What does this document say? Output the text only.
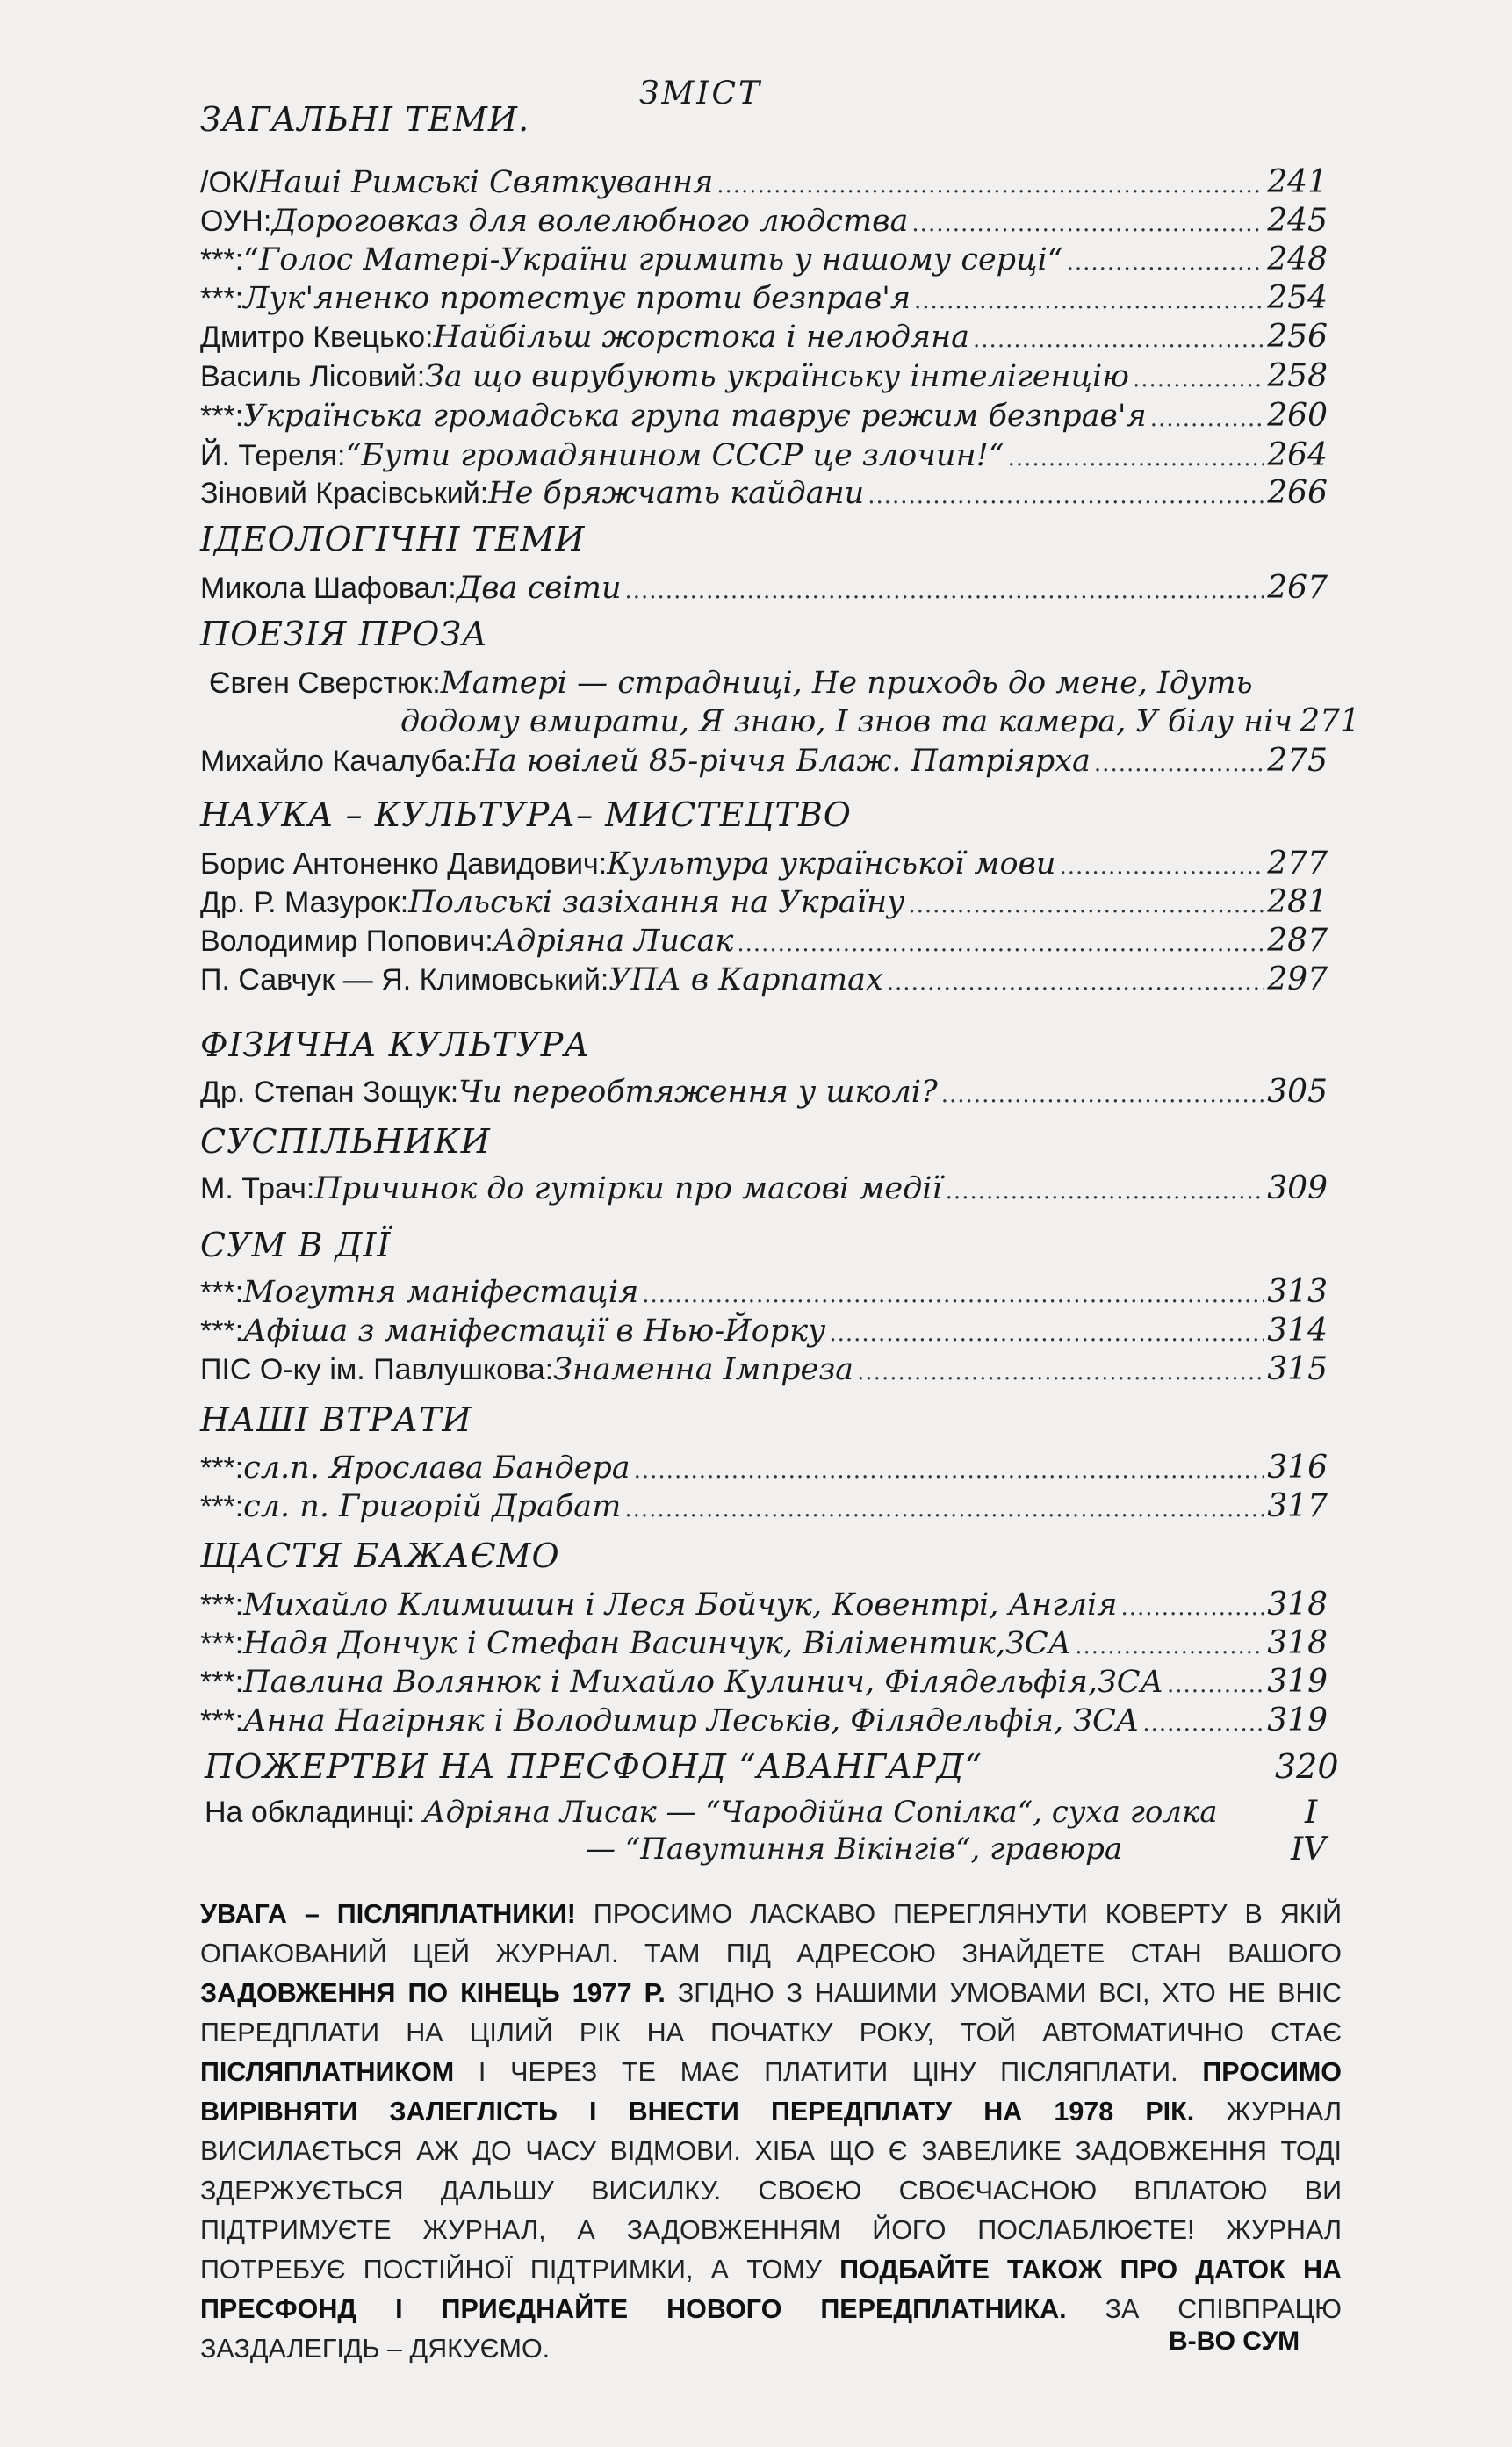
ЗМІСТ
ЗАГАЛЬНІ ТЕМИ.
/ОК/ Наші Римські Святкування .....	241
ОУН: Дороговказ для волелюбного людства .....	245
***: “Голос Матері-України гримить у нашому серці“ .....	248
***: Лук'яненко протестує проти безправ'я .....	254
Дмитро Квецько: Найбільш жорстока і нелюдяна .....	256
Василь Лісовий: За що вирубують українську інтелігенцію .....	258
***: Українська громадська група таврує режим безправ'я .....	260
Й. Тереля: “Бути громадянином СССР це злочин!“ .....	264
Зіновий Красівський: Не бряжчать кайдани .....	266
Микола Шафовал: Два світи .....	267
Євген Сверстюк: Матері — страдниці, Не приходь до мене, Ідуть
додому вмирати, Я знаю, І знов та камера, У білу ніч 271
Михайло Качалуба: На ювілей 85-річчя Блаж. Патріярха .....	275
Борис Антоненко Давидович: Культура української мови .....	277
Др. Р. Мазурок: Польські зазіхання на Україну .....	281
Володимир Попович: Адріяна Лисак .....	287
П. Савчук — Я. Климовський: УПА в Карпатах .....	297
Др. Степан Зощук: Чи переобтяження у школі? .....	305
М. Трач: Причинок до гутірки про масові медії .....	309
***: Могутня маніфестація .....	313
***: Афіша з маніфестації в Нью-Йорку .....	314
ПІС О-ку ім. Павлушкова: Знаменна Імпреза .....	315
***: сл.п. Ярослава Бандера .....	316
***: сл. п. Григорій Драбат .....	317
***: Михайло Климишин і Леся Бойчук, Ковентрі, Англія .....	318
***: Надя Дончук і Стефан Васинчук, Віліментик,ЗСА .....	318
***: Павлина Волянюк і Михайло Кулинич, Філядельфія,ЗСА .....	319
***: Анна Нагірняк і Володимир Леськів, Філядельфія, ЗСА .....	319
ІДЕОЛОГІЧНІ ТЕМИ
ПОЕЗІЯ ПРОЗА
НАУКА – КУЛЬТУРА– МИСТЕЦТВО
ФІЗИЧНА КУЛЬТУРА
СУСПІЛЬНИКИ
СУМ В ДІЇ
НАШІ ВТРАТИ
ЩАСТЯ БАЖАЄМО
ПОЖЕРТВИ НА ПРЕСФОНД “АВАНГАРД“	320
На обкладинці: Адріяна Лисак — “Чародійна Сопілка“, суха голка	I
— “Павутиння Вікінгів“, гравюра	IV
УВАГА – ПІСЛЯПЛАТНИКИ! ПРОСИМО ЛАСКАВО ПЕРЕГЛЯНУТИ КОВЕРТУ В ЯКІЙ ОПАКОВАНИЙ ЦЕЙ ЖУРНАЛ. ТАМ ПІД АДРЕСОЮ ЗНАЙДЕТЕ СТАН ВАШОГО ЗАДОВЖЕННЯ ПО КІНЕЦЬ 1977 Р. ЗГІДНО З НАШИМИ УМОВАМИ ВСІ, ХТО НЕ ВНІС ПЕРЕДПЛАТИ НА ЦІЛИЙ РІК НА ПОЧАТКУ РОКУ, ТОЙ АВТОМАТИЧНО СТАЄ ПІСЛЯПЛАТНИКОМ І ЧЕРЕЗ ТЕ МАЄ ПЛАТИТИ ЦІНУ ПІСЛЯПЛАТИ. ПРОСИМО ВИРІВНЯТИ ЗАЛЕГЛІСТЬ І ВНЕСТИ ПЕРЕДПЛАТУ НА 1978 РІК. ЖУРНАЛ ВИСИЛАЄТЬСЯ АЖ ДО ЧАСУ ВІДМОВИ. ХІБА ЩО Є ЗАВЕЛИКЕ ЗАДОВЖЕННЯ ТОДІ ЗДЕРЖУЄТЬСЯ ДАЛЬШУ ВИСИЛКУ. СВОЄЮ СВОЄЧАСНОЮ ВПЛАТОЮ ВИ ПІДТРИМУЄТЕ ЖУРНАЛ, А ЗАДОВЖЕННЯМ ЙОГО ПОСЛАБЛЮЄТЕ! ЖУРНАЛ ПОТРЕБУЄ ПОСТІЙНОЇ ПІДТРИМКИ, А ТОМУ ПОДБАЙТЕ ТАКОЖ ПРО ДАТОК НА ПРЕСФОНД І ПРИЄДНАЙТЕ НОВОГО ПЕРЕДПЛАТНИКА. ЗА СПІВПРАЦЮ ЗАЗДАЛЕГІДЬ – ДЯКУЄМО.	В-ВО СУМ
